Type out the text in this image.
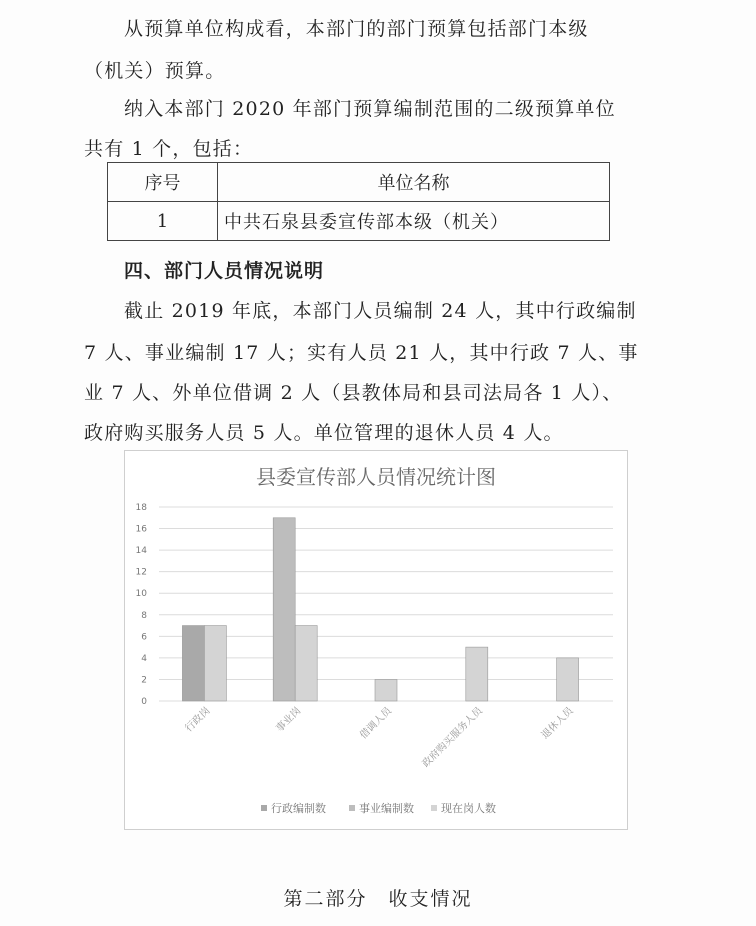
从预算单位构成看，本部门的部门预算包括部门本级
（机关）预算。
纳入本部门 2020 年部门预算编制范围的二级预算单位
共有 1 个，包括：
序号	单位名称
1	中共石泉县委宣传部本级（机关）
四、部门人员情况说明
截止 2019 年底，本部门人员编制 24 人，其中行政编制
7 人、事业编制 17 人；实有人员 21 人，其中行政 7 人、事
业 7 人、外单位借调 2 人（县教体局和县司法局各 1 人）、
政府购买服务人员 5 人。单位管理的退休人员 4 人。
县委宣传部人员情况统计图
0
2
4
6
8
10
12
14
16
18
行政岗	事业岗	借调人员	政府购买服务人员	退休人员
行政编制数	事业编制数 现在岗人数
第二部分　收支情况
